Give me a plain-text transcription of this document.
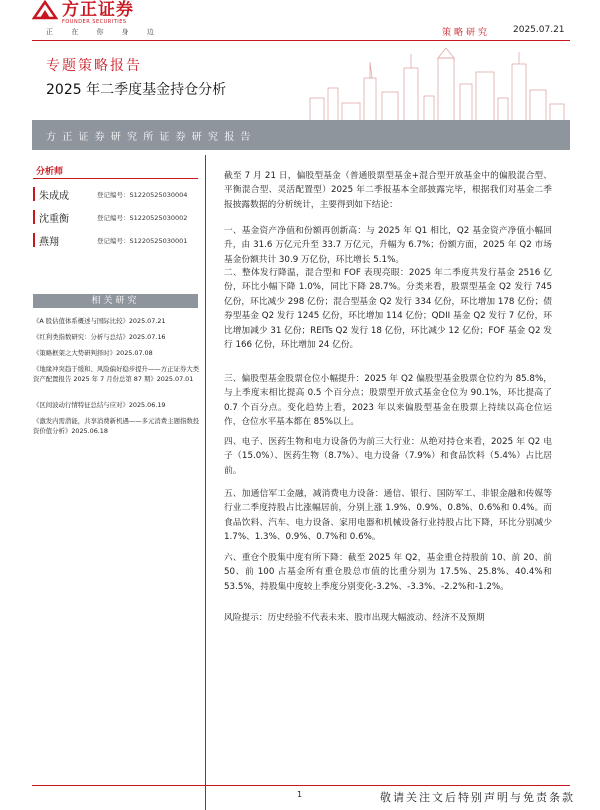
方正证券
FOUNDER SECURITIES
正 在 你 身 边	策略研究	2025.07.21
专题策略报告
2025 年二季度基金持仓分析
方正证券研究所证券研究报告
分析师
朱成成	登记编号：S1220525030004
沈重衡	登记编号：S1220525030002
燕翔	登记编号：S1220525030001
相关研究
《A 股估值体系概述与国际比较》2025.07.21
《红利类指数研究：分析与总结》2025.07.16
《策略框架之大势研判择时》2025.07.08
《地缘冲突趋于缓和、风险偏好稳步提升——方正证券大类资产配置报告 2025 年 7 月份总第 87 期》2025.07.01
《区间波动行情特征总结与应对》2025.06.19
《激发内需潜能，共享消费新机遇——多元消费主题指数投资价值分析》2025.06.18
截至 7 月 21 日，偏股型基金（普通股票型基金+混合型开放基金中的偏股混合型、平衡混合型、灵活配置型）2025 年二季报基本全部披露完毕，根据我们对基金二季报披露数据的分析统计，主要得到如下结论：
一、基金资产净值和份额再创新高：与 2025 年 Q1 相比，Q2 基金资产净值小幅回升，由 31.6 万亿元升至 33.7 万亿元，升幅为 6.7%；份额方面，2025 年 Q2 市场基金份额共计 30.9 万亿份，环比增长 5.1%。
二、整体发行降温，混合型和 FOF 表现亮眼：2025 年二季度共发行基金 2516 亿份，环比小幅下降 1.0%，同比下降 28.7%。分类来看，股票型基金 Q2 发行 745 亿份，环比减少 298 亿份；混合型基金 Q2 发行 334 亿份，环比增加 178 亿份；债券型基金 Q2 发行 1245 亿份，环比增加 114 亿份；QDII 基金 Q2 发行 7 亿份，环比增加减少 31 亿份；REITs Q2 发行 18 亿份，环比减少 12 亿份；FOF 基金 Q2 发行 166 亿份，环比增加 24 亿份。
三、偏股型基金股票仓位小幅提升：2025 年 Q2 偏股型基金股票仓位约为 85.8%，与上季度末相比提高 0.5 个百分点；股票型开放式基金仓位为 90.1%，环比提高了 0.7 个百分点。变化趋势上看，2023 年以来偏股型基金在股票上持续以高仓位运作，仓位水平基本都在 85%以上。
四、电子、医药生物和电力设备仍为前三大行业：从绝对持仓来看，2025 年 Q2 电子（15.0%）、医药生物（8.7%）、电力设备（7.9%）和食品饮料（5.4%）占比居前。
五、加通信军工金融，减消费电力设备：通信、银行、国防军工、非银金融和传媒等行业二季度持股占比涨幅居前，分别上涨 1.9%、0.9%、0.8%、0.6%和 0.4%。而食品饮料、汽车、电力设备、家用电器和机械设备行业持股占比下降，环比分别减少 1.7%、1.3%、0.9%、0.7%和 0.6%。
六、重仓个股集中度有所下降：截至 2025 年 Q2，基金重仓持股前 10、前 20、前 50、前 100 占基金所有重仓股总市值的比重分别为 17.5%、25.8%、40.4%和 53.5%，持股集中度较上季度分别变化-3.2%、-3.3%、-2.2%和-1.2%。
风险提示：历史经验不代表未来、股市出现大幅波动、经济不及预期
1	敬请关注文后特别声明与免责条款
